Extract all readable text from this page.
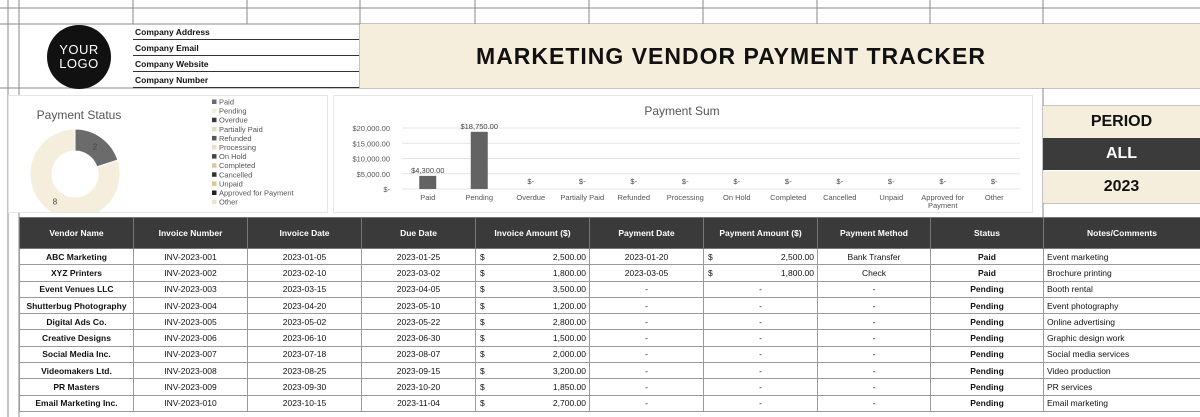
YOUR
LOGO
Company Address
Company Email
Company Website
Company Number
MARKETING VENDOR PAYMENT TRACKER
PERIOD
ALL
2023
Payment Status
2
8
Paid
Pending
Overdue
Partially Paid
Refunded
Processing
On Hold
Completed
Cancelled
Unpaid
Approved for Payment
Other
Payment Sum
$-
$5,000.00
$10,000.00
$15,000.00
$20,000.00
$4,300.00
Paid
$18,750.00
Pending
$-
Overdue
$-
Partially Paid
$-
Refunded
$-
Processing
$-
On Hold
$-
Completed
$-
Cancelled
$-
Unpaid
$-
Approved for
Payment
$-
Other
Vendor Name	Invoice Number	Invoice Date	Due Date	Invoice Amount ($)	Payment Date	Payment Amount ($)	Payment Method	Status	Notes/Comments
ABC Marketing	INV-2023-001	2023-01-05	2023-01-25	$ 2,500.00	2023-01-20	$ 2,500.00	Bank Transfer	Paid	Event marketing
XYZ Printers	INV-2023-002	2023-02-10	2023-03-02	$ 1,800.00	2023-03-05	$ 1,800.00	Check	Paid	Brochure printing
Event Venues LLC	INV-2023-003	2023-03-15	2023-04-05	$ 3,500.00	-	-	-	Pending	Booth rental
Shutterbug Photography	INV-2023-004	2023-04-20	2023-05-10	$ 1,200.00	-	-	-	Pending	Event photography
Digital Ads Co.	INV-2023-005	2023-05-02	2023-05-22	$ 2,800.00	-	-	-	Pending	Online advertising
Creative Designs	INV-2023-006	2023-06-10	2023-06-30	$ 1,500.00	-	-	-	Pending	Graphic design work
Social Media Inc.	INV-2023-007	2023-07-18	2023-08-07	$ 2,000.00	-	-	-	Pending	Social media services
Videomakers Ltd.	INV-2023-008	2023-08-25	2023-09-15	$ 3,200.00	-	-	-	Pending	Video production
PR Masters	INV-2023-009	2023-09-30	2023-10-20	$ 1,850.00	-	-	-	Pending	PR services
Email Marketing Inc.	INV-2023-010	2023-10-15	2023-11-04	$ 2,700.00	-	-	-	Pending	Email marketing
